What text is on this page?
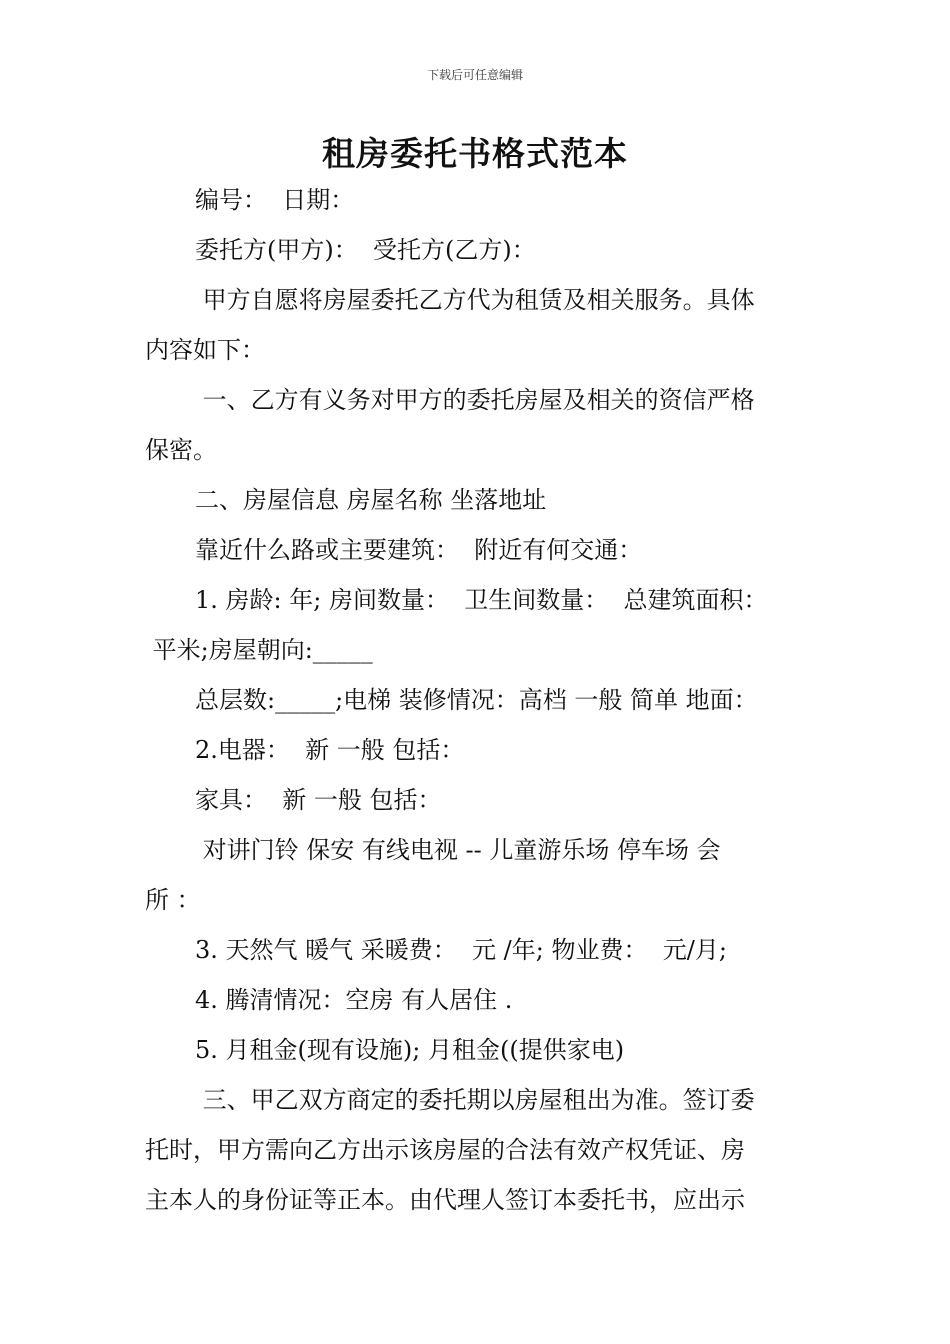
下载后可任意编辑
租房委托书格式范本
编号：  日期：
委托方(甲方)：  受托方(乙方)：
甲方自愿将房屋委托乙方代为租赁及相关服务。具体
内容如下：
一、乙方有义务对甲方的委托房屋及相关的资信严格
保密。
二、房屋信息 房屋名称 坐落地址
靠近什么路或主要建筑：  附近有何交通：
1. 房龄: 年; 房间数量：  卫生间数量：  总建筑面积：
平米;房屋朝向:_____
总层数:_____;电梯 装修情况：高档 一般 简单 地面：
2.电器：  新 一般 包括：
家具：  新 一般 包括：
对讲门铃 保安 有线电视 -- 儿童游乐场 停车场 会
所 ：
3. 天然气 暖气 采暖费：  元 /年; 物业费：  元/月;
4. 腾清情况：空房 有人居住 .
5. 月租金(现有设施); 月租金((提供家电)
三、甲乙双方商定的委托期以房屋租出为准。签订委
托时，甲方需向乙方出示该房屋的合法有效产权凭证、房
主本人的身份证等正本。由代理人签订本委托书，应出示
